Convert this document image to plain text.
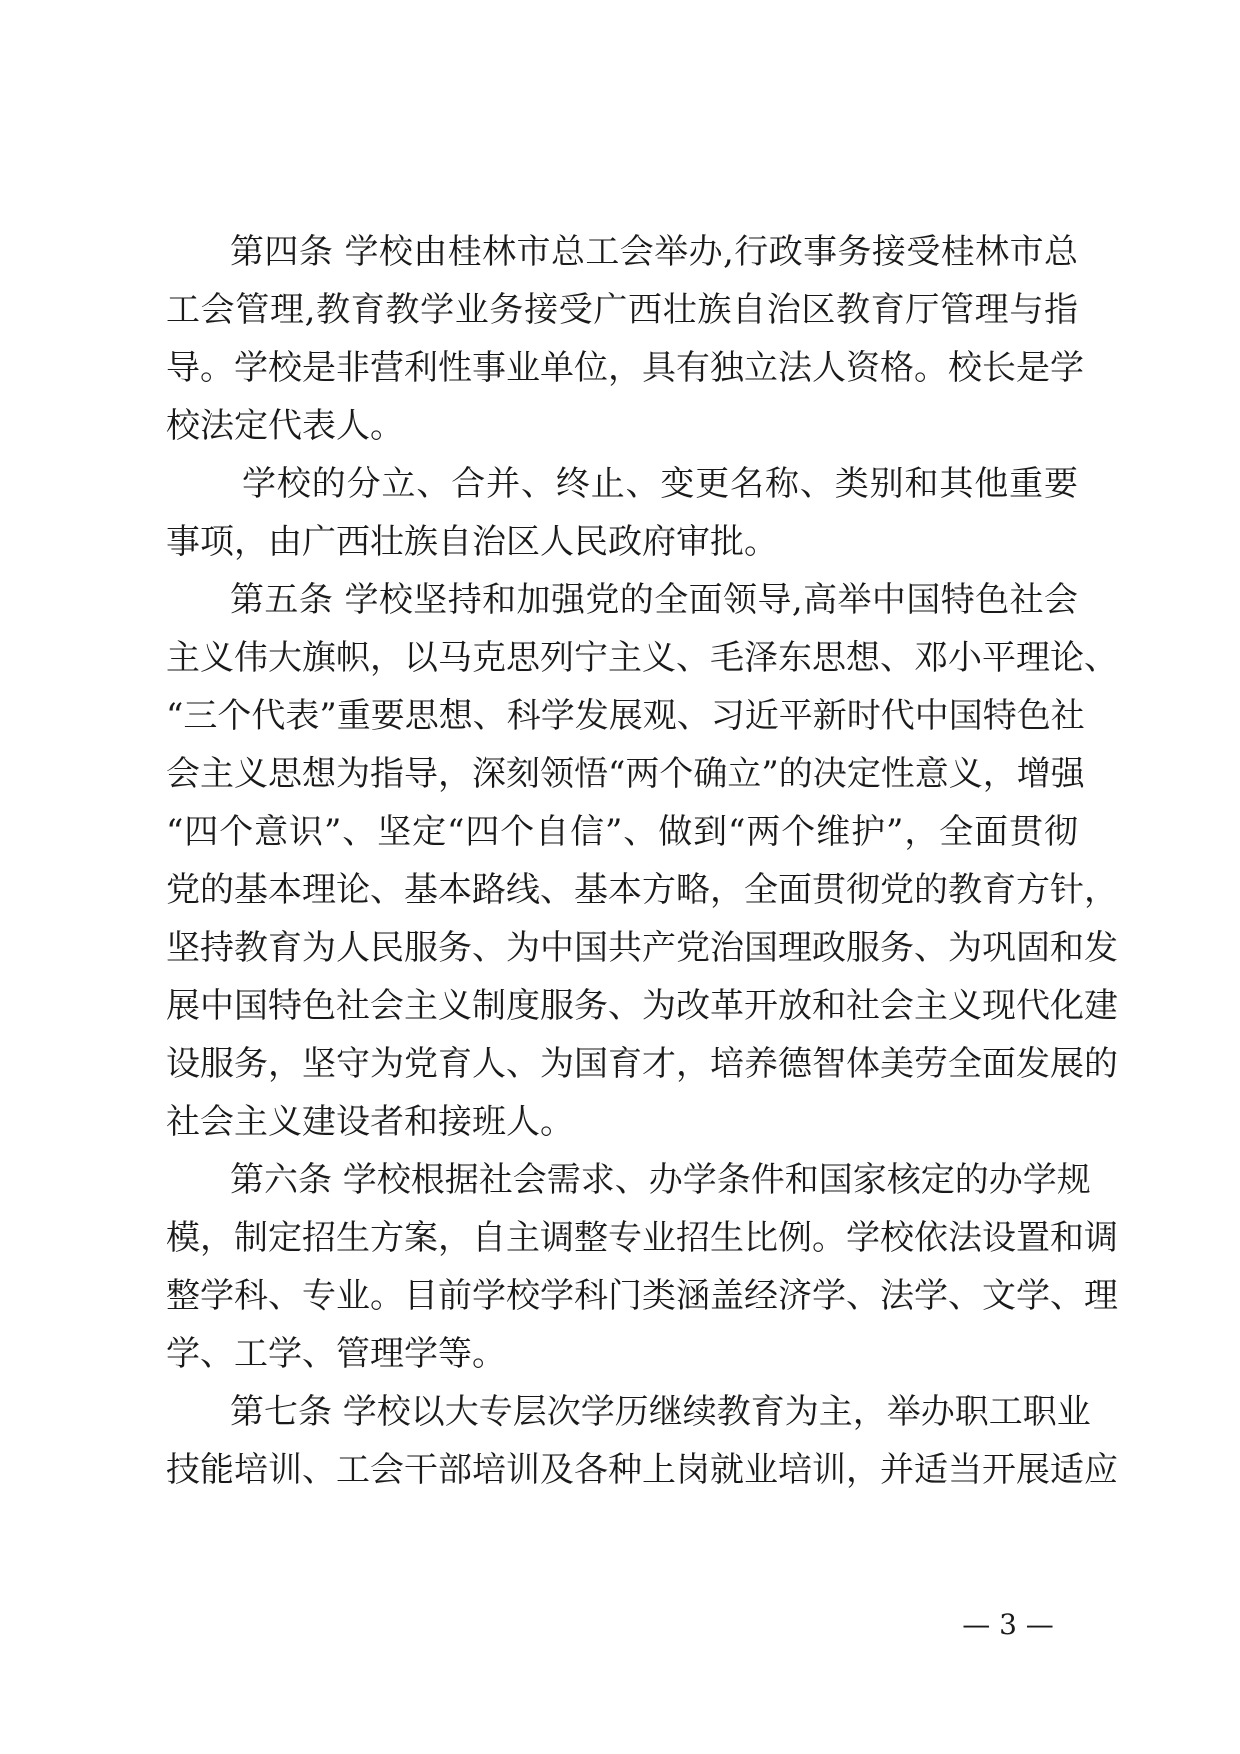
第四条 学校由桂林市总工会举办,行政事务接受桂林市总
工会管理,教育教学业务接受广西壮族自治区教育厅管理与指
导。学校是非营利性事业单位，具有独立法人资格。校长是学
校法定代表人。
学校的分立、合并、终止、变更名称、类别和其他重要
事项，由广西壮族自治区人民政府审批。
第五条 学校坚持和加强党的全面领导,高举中国特色社会
主义伟大旗帜，以马克思列宁主义、毛泽东思想、邓小平理论、
“三个代表”重要思想、科学发展观、习近平新时代中国特色社
会主义思想为指导，深刻领悟“两个确立”的决定性意义，增强
“四个意识”、坚定“四个自信”、做到“两个维护”，全面贯彻
党的基本理论、基本路线、基本方略，全面贯彻党的教育方针，
坚持教育为人民服务、为中国共产党治国理政服务、为巩固和发
展中国特色社会主义制度服务、为改革开放和社会主义现代化建
设服务，坚守为党育人、为国育才，培养德智体美劳全面发展的
社会主义建设者和接班人。
第六条 学校根据社会需求、办学条件和国家核定的办学规
模，制定招生方案，自主调整专业招生比例。学校依法设置和调
整学科、专业。目前学校学科门类涵盖经济学、法学、文学、理
学、工学、管理学等。
第七条 学校以大专层次学历继续教育为主，举办职工职业
技能培训、工会干部培训及各种上岗就业培训，并适当开展适应
— 3 —
